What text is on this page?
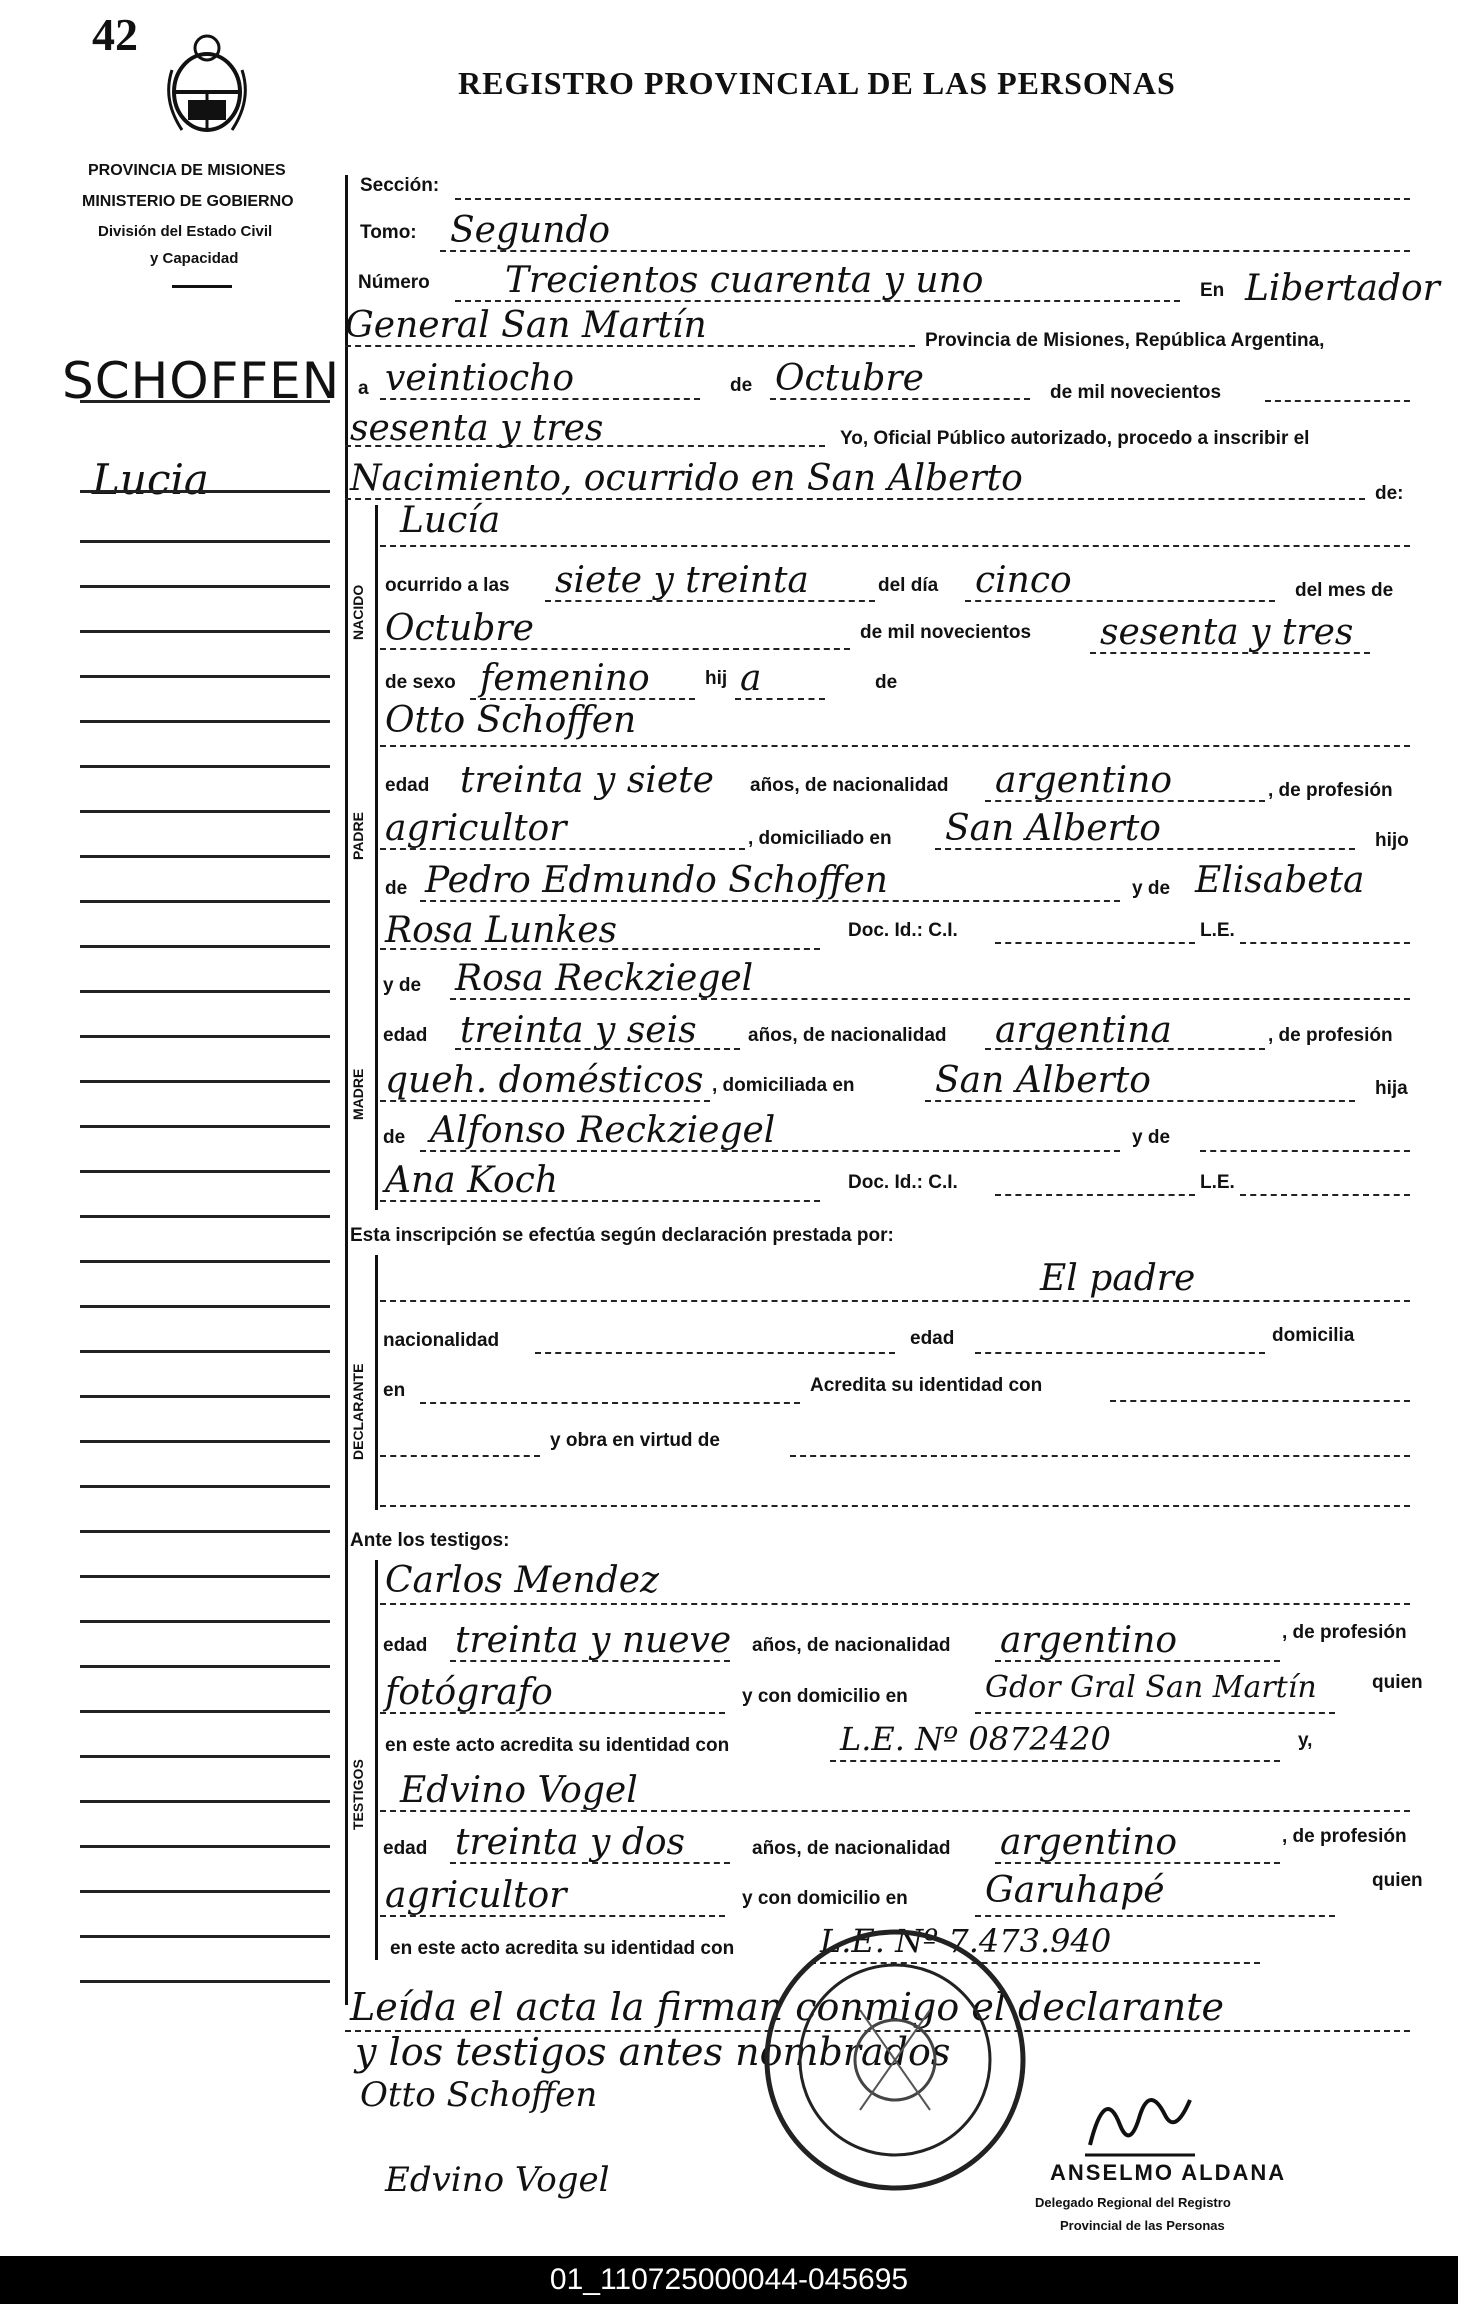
42
REGISTRO PROVINCIAL DE LAS PERSONAS
PROVINCIA DE MISIONES
MINISTERIO DE GOBIERNO
División del Estado Civil
y Capacidad
SCHOFFEN
Lucia
Sección:
Tomo: Segundo
Número Trecientos cuarenta y uno	En Libertador
General San Martín	Provincia de Misiones, República Argentina,
a veintiocho	de Octubre	de mil novecientos
sesenta y tres	Yo, Oficial Público autorizado, procedo a inscribir el
Nacimiento, ocurrido en San Alberto	de:
NACIDO
Lucía
ocurrido a las siete y treinta	del día cinco	del mes de
Octubre	de mil novecientos sesenta y tres
de sexo femenino	hij a	de
PADRE
Otto Schoffen
edad treinta y siete años, de nacionalidad argentino	, de profesión
agricultor	, domiciliado en San Alberto	hijo
de Pedro Edmundo Schoffen	y de Elisabeta
Rosa Lunkes	Doc. Id.: C.I.	L.E.
MADRE
y de Rosa Reckziegel
edad treinta y seis	años, de nacionalidad argentina	, de profesión
queh. domésticos , domiciliada en San Alberto	hija
de Alfonso Reckziegel	y de
Ana Koch	Doc. Id.: C.I.	L.E.
Esta inscripción se efectúa según declaración prestada por:
DECLARANTE
El padre
nacionalidad	edad	domicilia
en	Acredita su identidad con
y obra en virtud de
Ante los testigos:
TESTIGOS
Carlos Mendez
edad treinta y nueve años, de nacionalidad argentino	, de profesión
fotógrafo	y con domicilio en	Gdor Gral San Martín	quien
en este acto acredita su identidad con	L.E. Nº 0872420	y,
Edvino Vogel
edad treinta y dos	años, de nacionalidad argentino	, de profesión
agricultor	y con domicilio en Garuhapé	quien
en este acto acredita su identidad con	L.E. Nº 7.473.940
Leída el acta la firman conmigo el declarante
y los testigos antes nombrados
Otto Schoffen
Edvino Vogel	ANSELMO ALDANA
Delegado Regional del Registro
Provincial de las Personas
01_110725000044-045695
